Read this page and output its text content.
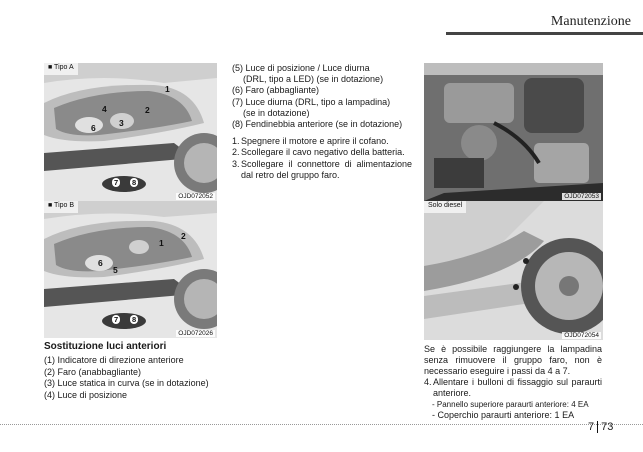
Manutenzione
■ Tipo A
1
2
4
6	3
7 8
OJD072052
■ Tipo B
2
1
6
5
7 8
OJD072026
(5) Luce di posizione / Luce diurna
(DRL, tipo a LED) (se in dotazione)
(6) Faro (abbagliante)
(7) Luce diurna (DRL, tipo a lampadina)
(se in dotazione)
(8) Fendinebbia anteriore (se in dotazione)
1. Spegnere il motore e aprire il cofano.
2. Scollegare il cavo negativo della batteria.
3. Scollegare il connettore di alimentazione dal retro del gruppo faro.
OJD072053
Solo diesel
OJD072054
Sostituzione luci anteriori
(1) Indicatore di direzione anteriore
(2) Faro (anabbagliante)
(3) Luce statica in curva (se in dotazione)
(4) Luce di posizione
Se è possibile raggiungere la lampadina senza rimuovere il gruppo faro, non è necessario eseguire i passi da 4 a 7.
4. Allentare i bulloni di fissaggio sul paraurti anteriore.
- Pannello superiore paraurti anteriore: 4 EA
- Coperchio paraurti anteriore: 1 EA
7 73
